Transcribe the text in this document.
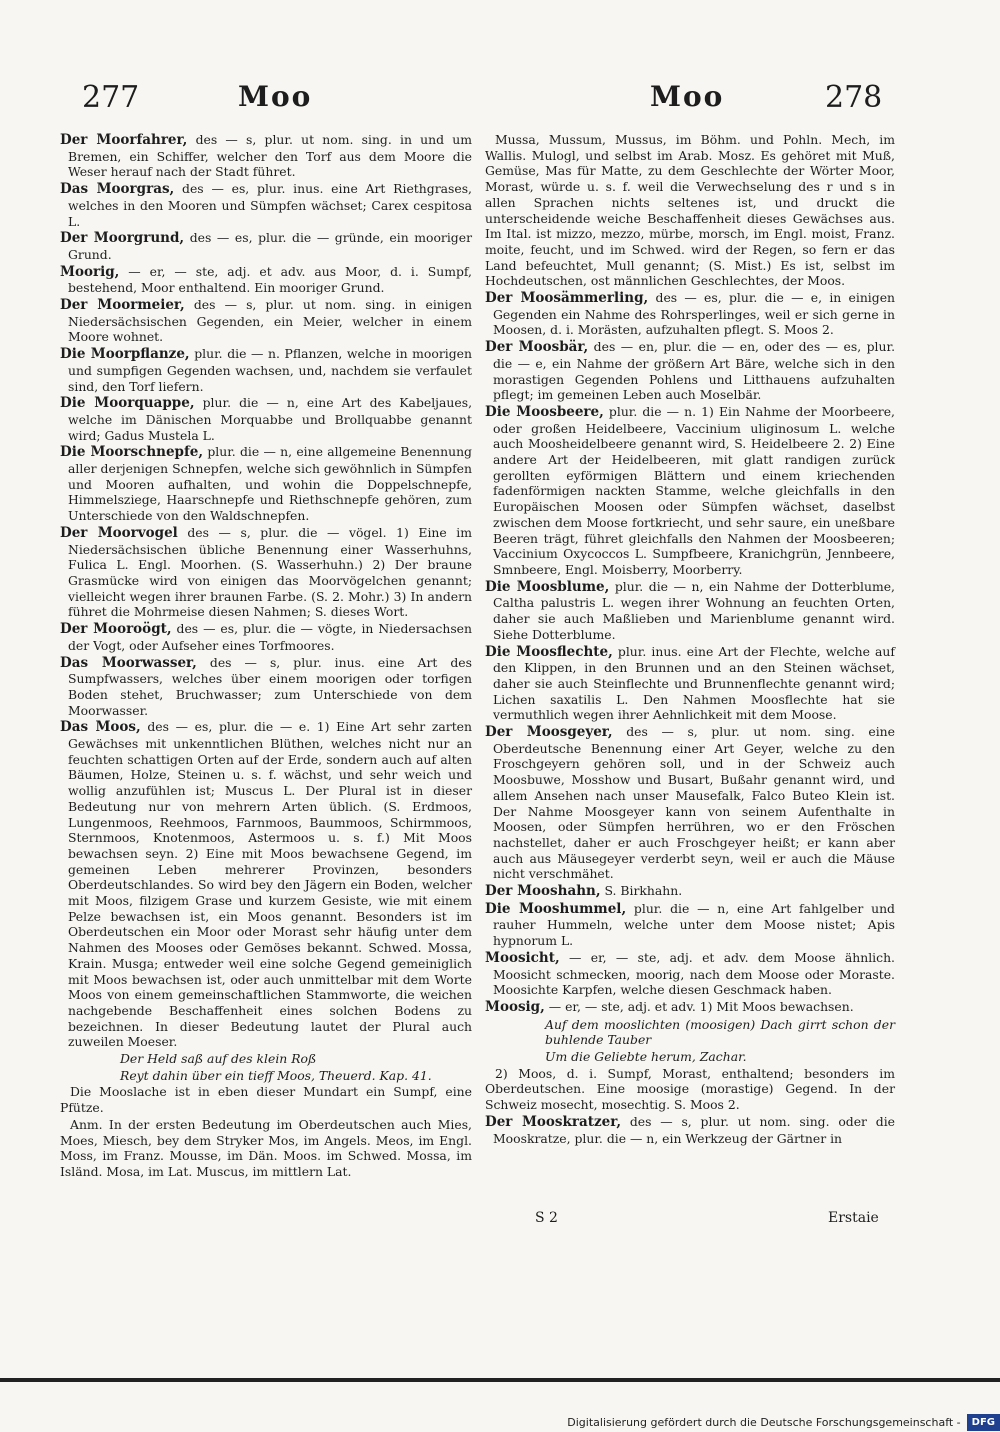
277	Moo	Moo	278

Der Moorfahrer, des — s, plur. ut nom. sing. in und um Bremen, ein Schiffer, welcher den Torf aus dem Moore die Weser herauf nach der Stadt führet.

Das Moorgras, des — es, plur. inus. eine Art Riethgrases, welches in den Mooren und Sümpfen wächset; Carex cespitosa L.

Der Moorgrund, des — es, plur. die — gründe, ein mooriger Grund.

Moorig, — er, — ste, adj. et adv. aus Moor, d. i. Sumpf, bestehend, Moor enthaltend. Ein mooriger Grund.

Der Moormeier, des — s, plur. ut nom. sing. in einigen Niedersächsischen Gegenden, ein Meier, welcher in einem Moore wohnet.

Die Moorpflanze, plur. die — n. Pflanzen, welche in moorigen und sumpfigen Gegenden wachsen, und, nachdem sie verfaulet sind, den Torf liefern.

Die Moorquappe, plur. die — n, eine Art des Kabeljaues, welche im Dänischen Morquabbe und Brollquabbe genannt wird; Gadus Mustela L.

Die Moorschnepfe, plur. die — n, eine allgemeine Benennung aller derjenigen Schnepfen, welche sich gewöhnlich in Sümpfen und Mooren aufhalten, und wohin die Doppelschnepfe, Himmelsziege, Haarschnepfe und Riethschnepfe gehören, zum Unterschiede von den Waldschnepfen.

Der Moorvogel des — s, plur. die — vögel. 1) Eine im Niedersächsischen übliche Benennung einer Wasserhuhns, Fulica L. Engl. Moorhen. (S. Wasserhuhn.) 2) Der braune Grasmücke wird von einigen das Moorvögelchen genannt; vielleicht wegen ihrer braunen Farbe. (S. 2. Mohr.) 3) In andern führet die Mohrmeise diesen Nahmen; S. dieses Wort.

Der Mooroögt, des — es, plur. die — vögte, in Niedersachsen der Vogt, oder Aufseher eines Torfmoores.

Das Moorwasser, des — s, plur. inus. eine Art des Sumpfwassers, welches über einem moorigen oder torfigen Boden stehet, Bruchwasser; zum Unterschiede von dem Moorwasser.

Das Moos, des — es, plur. die — e. 1) Eine Art sehr zarten Gewächses mit unkenntlichen Blüthen, welches nicht nur an feuchten schattigen Orten auf der Erde, sondern auch auf alten Bäumen, Holze, Steinen u. s. f. wächst, und sehr weich und wollig anzufühlen ist; Muscus L. Der Plural ist in dieser Bedeutung nur von mehrern Arten üblich. (S. Erdmoos, Lungenmoos, Reehmoos, Farnmoos, Baummoos, Schirmmoos, Sternmoos, Knotenmoos, Astermoos u. s. f.) Mit Moos bewachsen seyn. 2) Eine mit Moos bewachsene Gegend, im gemeinen Leben mehrerer Provinzen, besonders Oberdeutschlandes. So wird bey den Jägern ein Boden, welcher mit Moos, filzigem Grase und kurzem Gesiste, wie mit einem Pelze bewachsen ist, ein Moos genannt. Besonders ist im Oberdeutschen ein Moor oder Morast sehr häufig unter dem Nahmen des Mooses oder Gemöses bekannt. Schwed. Mossa, Krain. Musga; entweder weil eine solche Gegend gemeiniglich mit Moos bewachsen ist, oder auch unmittelbar mit dem Worte Moos von einem gemeinschaftlichen Stammworte, die weichen nachgebende Beschaffenheit eines solchen Bodens zu bezeichnen. In dieser Bedeutung lautet der Plural auch zuweilen Moeser.

Der Held saß auf des klein Roß

Reyt dahin über ein tieff Moos, Theuerd. Kap. 41.

Die Mooslache ist in eben dieser Mundart ein Sumpf, eine Pfütze.

Anm. In der ersten Bedeutung im Oberdeutschen auch Mies, Moes, Miesch, bey dem Stryker Mos, im Angels. Meos, im Engl. Moss, im Franz. Mousse, im Dän. Moos. im Schwed. Mossa, im Isländ. Mosa, im Lat. Muscus, im mittlern Lat.

Mussa, Mussum, Mussus, im Böhm. und Pohln. Mech, im Wallis. Mulogl, und selbst im Arab. Mosz. Es gehöret mit Muß, Gemüse, Mas für Matte, zu dem Geschlechte der Wörter Moor, Morast, würde u. s. f. weil die Verwechselung des r und s in allen Sprachen nichts seltenes ist, und druckt die unterscheidende weiche Beschaffenheit dieses Gewächses aus. Im Ital. ist mizzo, mezzo, mürbe, morsch, im Engl. moist, Franz. moite, feucht, und im Schwed. wird der Regen, so fern er das Land befeuchtet, Mull genannt; (S. Mist.) Es ist, selbst im Hochdeutschen, ost männlichen Geschlechtes, der Moos.

Der Moosämmerling, des — es, plur. die — e, in einigen Gegenden ein Nahme des Rohrsperlinges, weil er sich gerne in Moosen, d. i. Morästen, aufzuhalten pflegt. S. Moos 2.

Der Moosbär, des — en, plur. die — en, oder des — es, plur. die — e, ein Nahme der größern Art Bäre, welche sich in den morastigen Gegenden Pohlens und Litthauens aufzuhalten pflegt; im gemeinen Leben auch Moselbär.

Die Moosbeere, plur. die — n. 1) Ein Nahme der Moorbeere, oder großen Heidelbeere, Vaccinium uliginosum L. welche auch Moosheidelbeere genannt wird, S. Heidelbeere 2. 2) Eine andere Art der Heidelbeeren, mit glatt randigen zurück gerollten eyförmigen Blättern und einem kriechenden fadenförmigen nackten Stamme, welche gleichfalls in den Europäischen Moosen oder Sümpfen wächset, daselbst zwischen dem Moose fortkriecht, und sehr saure, ein uneßbare Beeren trägt, führet gleichfalls den Nahmen der Moosbeeren; Vaccinium Oxycoccos L. Sumpfbeere, Kranichgrün, Jennbeere, Smnbeere, Engl. Moisberry, Moorberry.

Die Moosblume, plur. die — n, ein Nahme der Dotterblume, Caltha palustris L. wegen ihrer Wohnung an feuchten Orten, daher sie auch Maßlieben und Marienblume genannt wird. Siehe Dotterblume.

Die Moosflechte, plur. inus. eine Art der Flechte, welche auf den Klippen, in den Brunnen und an den Steinen wächset, daher sie auch Steinflechte und Brunnenflechte genannt wird; Lichen saxatilis L. Den Nahmen Moosflechte hat sie vermuthlich wegen ihrer Aehnlichkeit mit dem Moose.

Der Moosgeyer, des — s, plur. ut nom. sing. eine Oberdeutsche Benennung einer Art Geyer, welche zu den Froschgeyern gehören soll, und in der Schweiz auch Moosbuwe, Mosshow und Busart, Bußahr genannt wird, und allem Ansehen nach unser Mausefalk, Falco Buteo Klein ist. Der Nahme Moosgeyer kann von seinem Aufenthalte in Moosen, oder Sümpfen herrühren, wo er den Fröschen nachstellet, daher er auch Froschgeyer heißt; er kann aber auch aus Mäusegeyer verderbt seyn, weil er auch die Mäuse nicht verschmähet.

Der Mooshahn, S. Birkhahn.

Die Mooshummel, plur. die — n, eine Art fahlgelber und rauher Hummeln, welche unter dem Moose nistet; Apis hypnorum L.

Moosicht, — er, — ste, adj. et adv. dem Moose ähnlich. Moosicht schmecken, moorig, nach dem Moose oder Moraste. Moosichte Karpfen, welche diesen Geschmack haben.

Moosig, — er, — ste, adj. et adv. 1) Mit Moos bewachsen.

Auf dem mooslichten (moosigen) Dach girrt schon der buhlende Tauber

Um die Geliebte herum, Zachar.

2) Moos, d. i. Sumpf, Morast, enthaltend; besonders im Oberdeutschen. Eine moosige (morastige) Gegend. In der Schweiz mosecht, mosechtig. S. Moos 2.

Der Mooskratzer, des — s, plur. ut nom. sing. oder die Mooskratze, plur. die — n, ein Werkzeug der Gärtner in

S 2	Erstaie
Digitalisierung gefördert durch die Deutsche Forschungsgemeinschaft -	DFG
